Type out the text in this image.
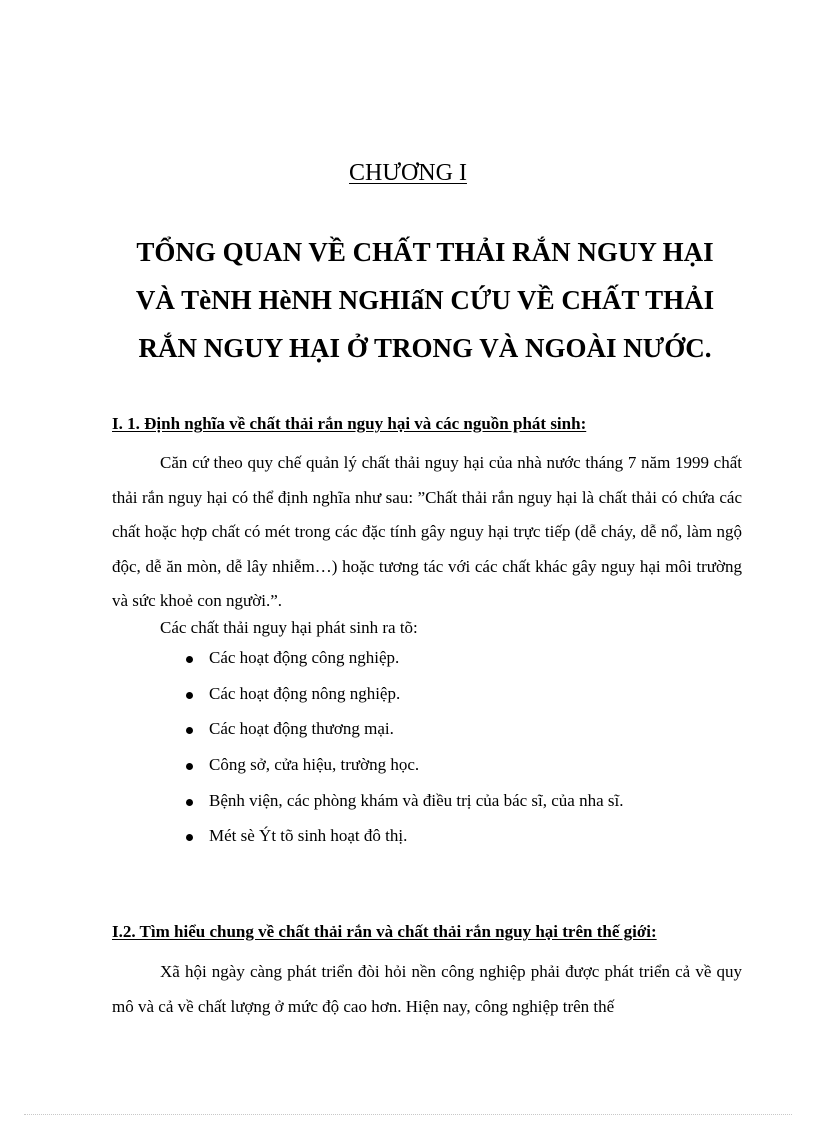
CHƯƠNG I
TỔNG QUAN VỀ CHẤT THẢI RẮN NGUY HẠI
VÀ TèNH HèNH NGHIấN CỨU VỀ CHẤT THẢI
RẮN NGUY HẠI Ở TRONG VÀ NGOÀI NƯỚC.
I. 1. Định nghĩa về chất thải rắn nguy hại và các nguồn phát sinh:
Căn cứ theo quy chế quản lý chất thải nguy hại của nhà nước tháng 7 năm 1999 chất thải rắn nguy hại có thể định nghĩa như sau: ”Chất thải rắn nguy hại là chất thải có chứa các chất hoặc hợp chất có mét trong các đặc tính gây nguy hại trực tiếp (dễ cháy, dễ nổ, làm ngộ độc, dễ ăn mòn, dễ lây nhiễm…) hoặc tương tác với các chất khác gây nguy hại môi trường và sức khoẻ con người.”.
Các chất thải nguy hại phát sinh ra tõ:
Các hoạt động công nghiệp.
Các hoạt động nông nghiệp.
Các hoạt động thương mại.
Công sở, cửa hiệu, trường học.
Bệnh viện, các phòng khám và điều trị của bác sĩ, của nha sĩ.
Mét sè Ýt tõ sinh hoạt đô thị.
I.2. Tìm hiểu chung về chất thải rắn và chất thải rắn nguy hại trên thế giới:
Xã hội ngày càng phát triển đòi hỏi nền công nghiệp phải được phát triển cả về quy mô và cả về chất lượng ở mức độ cao hơn. Hiện nay, công nghiệp trên thế
